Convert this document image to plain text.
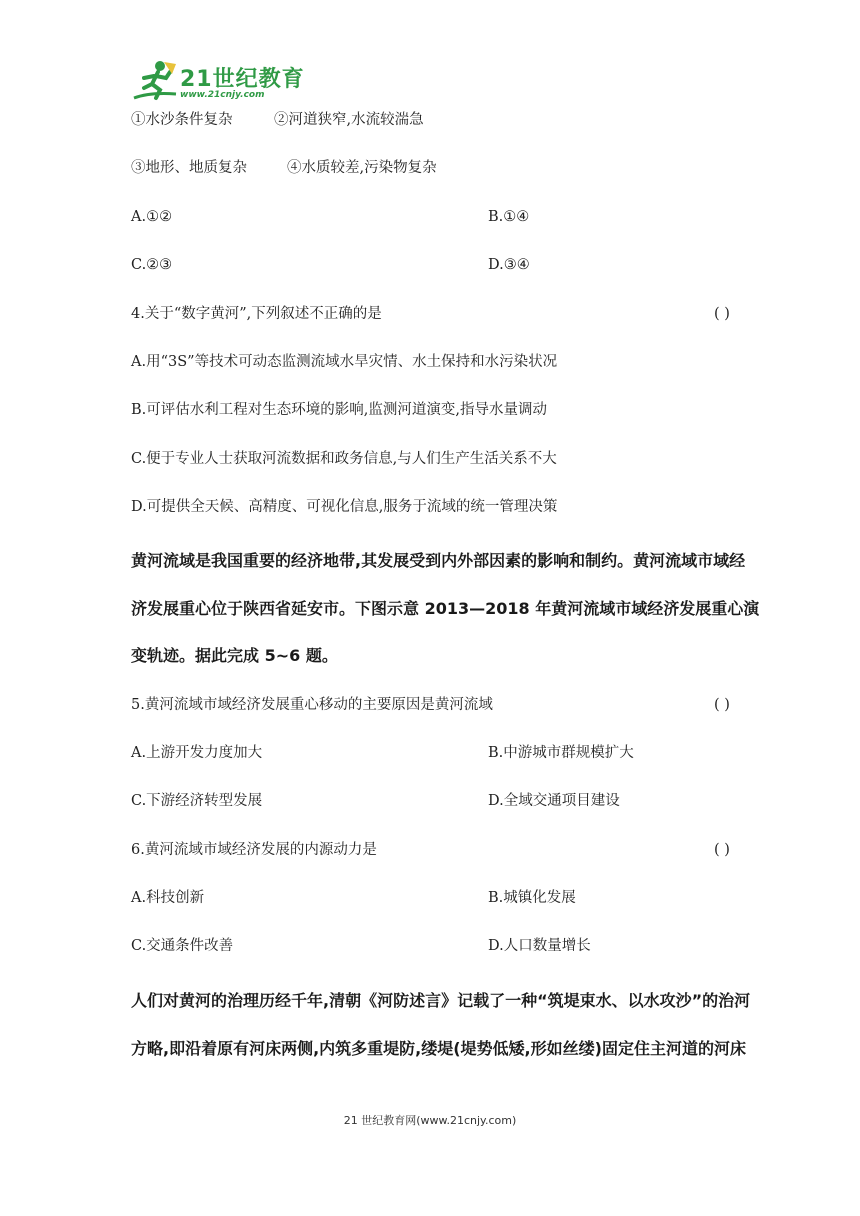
21世纪教育
www.21cnjy.com
①水沙条件复杂	②河道狭窄,水流较湍急
③地形、地质复杂	④水质较差,污染物复杂
A.①②	B.①④
C.②③	D.③④
4.关于“数字黄河”,下列叙述不正确的是	( )
A.用“3S”等技术可动态监测流域水旱灾情、水土保持和水污染状况
B.可评估水利工程对生态环境的影响,监测河道演变,指导水量调动
C.便于专业人士获取河流数据和政务信息,与人们生产生活关系不大
D.可提供全天候、高精度、可视化信息,服务于流域的统一管理决策
黄河流域是我国重要的经济地带,其发展受到内外部因素的影响和制约。黄河流域市域经
济发展重心位于陕西省延安市。下图示意 2013—2018 年黄河流域市域经济发展重心演
变轨迹。据此完成 5~6 题。
5.黄河流域市域经济发展重心移动的主要原因是黄河流域	( )
A.上游开发力度加大	B.中游城市群规模扩大
C.下游经济转型发展	D.全域交通项目建设
6.黄河流域市域经济发展的内源动力是	( )
A.科技创新	B.城镇化发展
C.交通条件改善	D.人口数量增长
人们对黄河的治理历经千年,清朝《河防述言》记载了一种“筑堤束水、以水攻沙”的治河
方略,即沿着原有河床两侧,内筑多重堤防,缕堤(堤势低矮,形如丝缕)固定住主河道的河床
21 世纪教育网(www.21cnjy.com)
